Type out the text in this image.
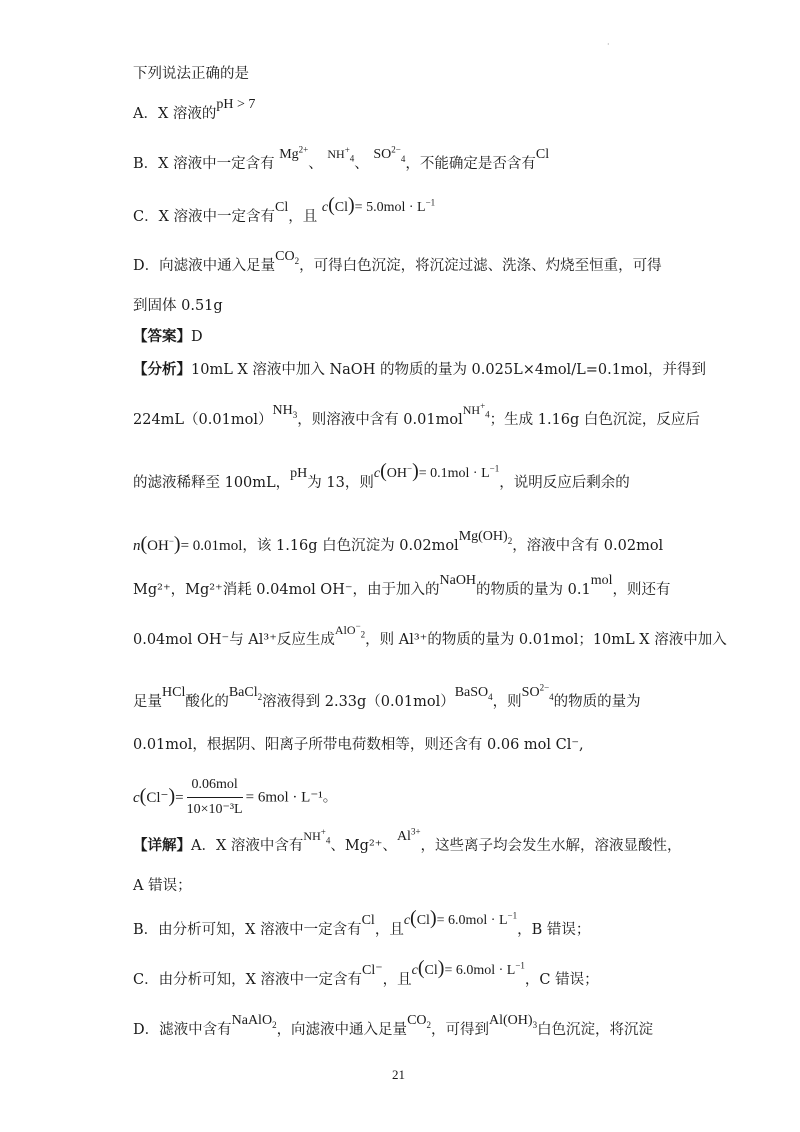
·
下列说法正确的是
A．X 溶液的pH > 7
B．X 溶液中一定含有 $Mg^{2+}$、 $^{NH^+_4}$、 $SO^{2-}_4$，不能确定是否含有Cl
C．X 溶液中一定含有Cl，且 $c(Cl)= 5.0mol \cdot L^{-1}$
D．向滤液中通入足量$CO_2$，可得白色沉淀，将沉淀过滤、洗涤、灼烧至恒重，可得
到固体 0.51g
【答案】D
【分析】10mL X 溶液中加入 NaOH 的物质的量为 0.025L×4mol/L=0.1mol，并得到
$224mL(0.01mol)NH_3$，则溶液中含有 0.01mol$^{NH^+_4}$；生成 1.16g 白色沉淀，反应后
的滤液稀释至 100mL，pH为 13，则$c(OH^-)= 0.1mol \cdot L^{-1}$，说明反应后剩余的
n(OH−)= 0.01mol，该 1.16g 白色沉淀为 $0.02molMg(OH)_2$，溶液中含有 0.02mol
Mg²⁺，Mg²⁺消耗 0.04mol OH⁻，由于加入的NaOH的物质的量为 0.1mol，则还有
0.04mol OH⁻与 Al³⁺反应生成$^{AlO^-_2}$，则 Al³⁺的物质的量为 0.01mol；10mL X 溶液中加入
足量HCl酸化的BaCl$_2$溶液得到 2.33g（0.01mol）BaSO$_4$，则$SO^{2-}_4$的物质的量为
0.01mol，根据阴、阳离子所带电荷数相等，则还含有 0.06 mol Cl⁻,
$c(Cl^-)= \frac{\text{0.06mol}}{\text{10×10⁻³L}} = 6mol \cdot L^{-1}$。
【详解】A．X 溶液中含有$^{NH^+_4}$、Mg²⁺、$Al^{3+}$，这些离子均会发生水解，溶液显酸性，
A 错误；
B．由分析可知，X 溶液中一定含有Cl，且$c(Cl)= 6.0mol \cdot L^{-1}$，B 错误；
C．由分析可知，X 溶液中一定含有Cl⁻，且$c(Cl)= 6.0mol \cdot L^{-1}$，C 错误；
D．滤液中含有NaAlO$_2$，向滤液中通入足量$CO_2$，可得到$Al(OH)_3$白色沉淀，将沉淀
21
